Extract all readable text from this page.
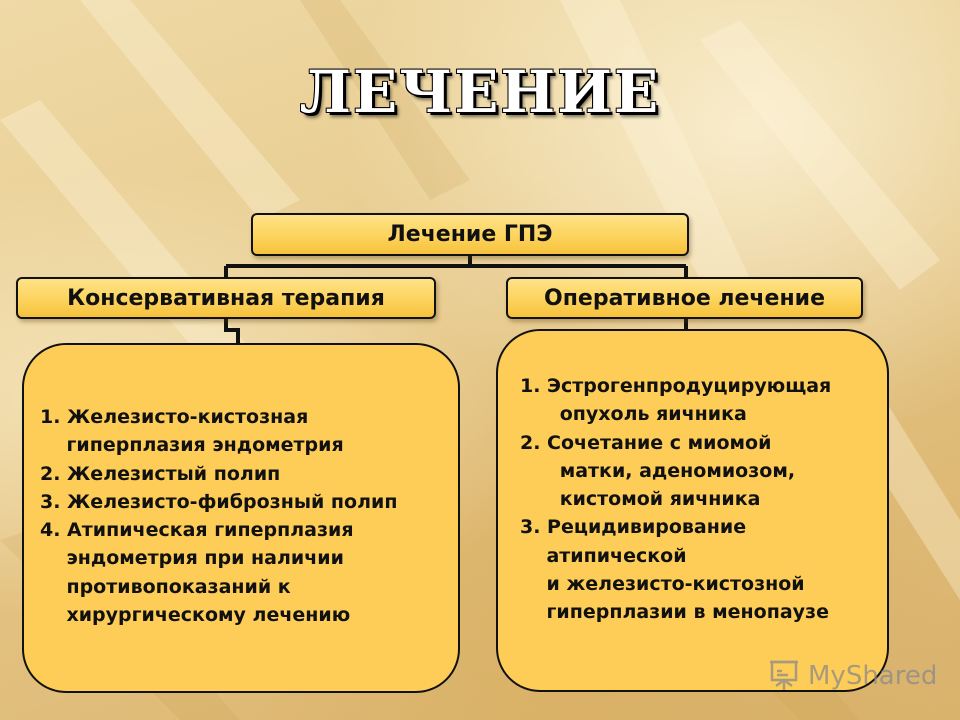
ЛЕЧЕНИЕ
Лечение ГПЭ
Консервативная терапия	Оперативное лечение
1. Железисто-кистозная
гиперплазия эндометрия
2. Железистый полип
3. Железисто-фиброзный полип
4. Атипическая гиперплазия
эндометрия при наличии
противопоказаний к
хирургическому лечению
1. Эстрогенпродуцирующая
опухоль яичника
2. Сочетание с миомой
матки, аденомиозом,
кистомой яичника
3. Рецидивирование
атипической
и железисто-кистозной
гиперплазии в менопаузе
MyShared
